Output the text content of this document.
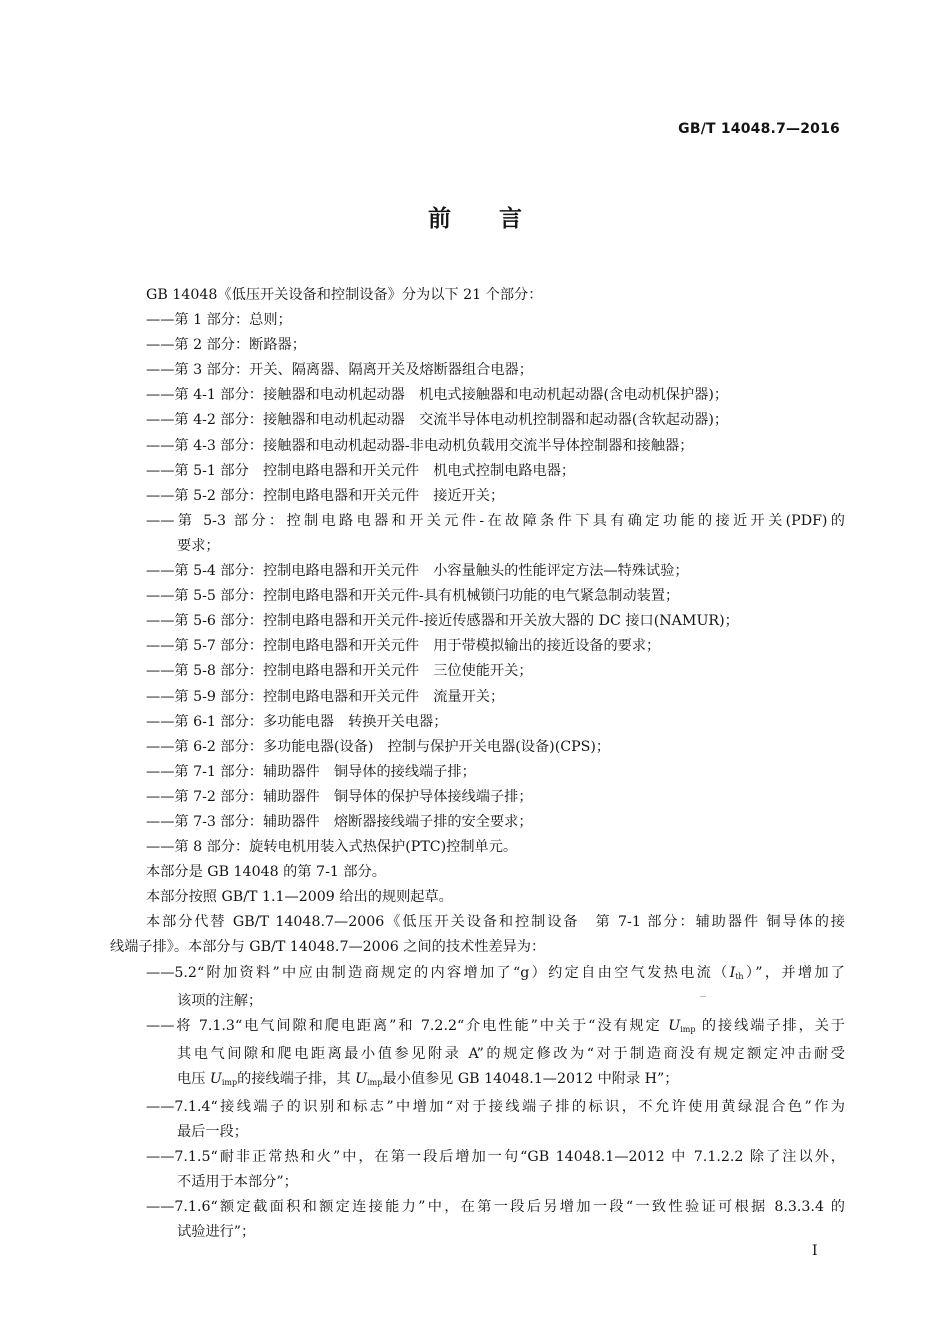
GB/T 14048.7—2016
前言
GB 14048《低压开关设备和控制设备》分为以下 21 个部分：
——第 1 部分：总则；
——第 2 部分：断路器；
——第 3 部分：开关、隔离器、隔离开关及熔断器组合电器；
——第 4-1 部分：接触器和电动机起动器　机电式接触器和电动机起动器(含电动机保护器)；
——第 4-2 部分：接触器和电动机起动器　交流半导体电动机控制器和起动器(含软起动器)；
——第 4-3 部分：接触器和电动机起动器-非电动机负载用交流半导体控制器和接触器；
——第 5-1 部分　控制电路电器和开关元件　机电式控制电路电器；
——第 5-2 部分：控制电路电器和开关元件　接近开关；
——第 5-3 部分：控制电路电器和开关元件-在故障条件下具有确定功能的接近开关(PDF)的
要求；
——第 5-4 部分：控制电路电器和开关元件　小容量触头的性能评定方法—特殊试验；
——第 5-5 部分：控制电路电器和开关元件-具有机械锁闩功能的电气紧急制动装置；
——第 5-6 部分：控制电路电器和开关元件-接近传感器和开关放大器的 DC 接口(NAMUR)；
——第 5-7 部分：控制电路电器和开关元件　用于带模拟输出的接近设备的要求；
——第 5-8 部分：控制电路电器和开关元件　三位使能开关；
——第 5-9 部分：控制电路电器和开关元件　流量开关；
——第 6-1 部分：多功能电器　转换开关电器；
——第 6-2 部分：多功能电器(设备)　控制与保护开关电器(设备)(CPS)；
——第 7-1 部分：辅助器件　铜导体的接线端子排；
——第 7-2 部分：辅助器件　铜导体的保护导体接线端子排；
——第 7-3 部分：辅助器件　熔断器接线端子排的安全要求；
——第 8 部分：旋转电机用装入式热保护(PTC)控制单元。
本部分是 GB 14048 的第 7-1 部分。
本部分按照 GB/T 1.1—2009 给出的规则起草。
本部分代替 GB/T 14048.7—2006《低压开关设备和控制设备　第 7-1 部分：辅助器件 铜导体的接
线端子排》。本部分与 GB/T 14048.7—2006 之间的技术性差异为：
——5.2“附加资料”中应由制造商规定的内容增加了“g）约定自由空气发热电流$(I_{th})$”，并增加了
该项的注解；
——将 7.1.3“电气间隙和爬电距离”和 7.2.2“介电性能”中关于“没有规定 $U_{imp}$ 的接线端子排，关于
其电气间隙和爬电距离最小值参见附录 A”的规定修改为“对于制造商没有规定额定冲击耐受
电压 $U_{imp}$的接线端子排，其 $U_{imp}$最小值参见 GB 14048.1—2012 中附录 H”；
——7.1.4“接线端子的识别和标志”中增加“对于接线端子排的标识，不允许使用黄绿混合色”作为
最后一段；
——7.1.5“耐非正常热和火”中，在第一段后增加一句“GB 14048.1—2012 中 7.1.2.2 除了注以外，
不适用于本部分”；
——7.1.6“额定截面积和额定连接能力”中，在第一段后另增加一段“一致性验证可根据 8.3.3.4 的
试验进行”；
I
